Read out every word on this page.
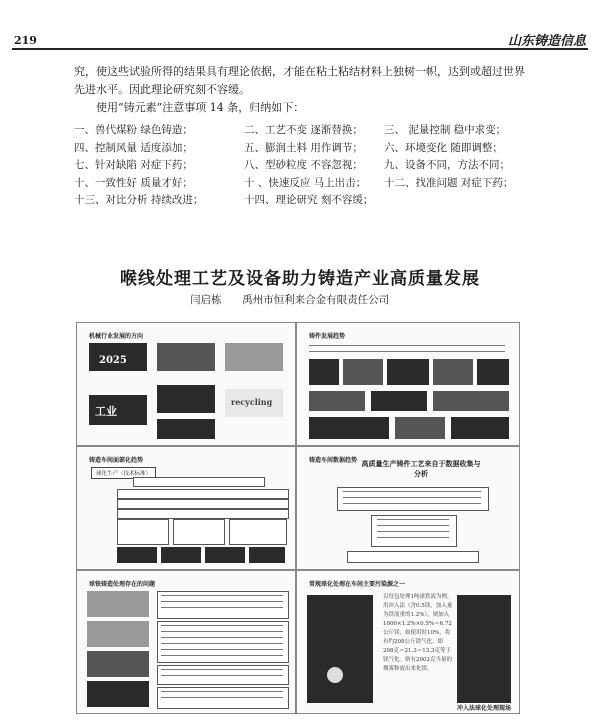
219	山东铸造信息
究，使这些试验所得的结果具有理论依据，才能在粘土粘结材料上独树一帜，达到或超过世界
先进水平。因此理论研究刻不容缓。
使用“铸元素”注意事项 14 条，归纳如下：
一、兽代煤粉 绿色铸造；	二、工艺不变 逐渐替换；	三、 泥量控制 稳中求变；
四、控制风量 适度添加；	五、膨润土料 用作调节；	六、环境变化 随即调整；
七、针对缺陷 对症下药；	八、型砂粒度 不容忽视；	九、设备不同，方法不同；
十、一致性好 质量才好；	十 、快速反应 马上出击；	十二、找准问题 对症下药；
十三、对比分析 持续改进；	十四、理论研究 刻不容缓；
喉线处理工艺及设备助力铸造产业高质量发展
闫启栋 禹州市恒利来合金有限责任公司
机械行业发展的方向
2025
工业
recycling
铸件发展趋势
铸造车间面部化趋势
球化生产（技术标准）
铸造车间数据趋势 高质量生产铸件工艺来自于数据收集与分析
球铁铸造处理存在的问题	常规球化处理在车间主要污染源之一
以每包处理1吨球铁液为例，用冲入法（含0.5镁，加入量为铁液重的1.2%），则加入1000×1.2%×0.5%＝6.72公斤镁，如使用时10%，将有约208公斤镁气化。即208克＝21.3＝13.3克等于镁气化。则有2002克当量的烟雾释放出来化镁。
冲入法球化处理现场
